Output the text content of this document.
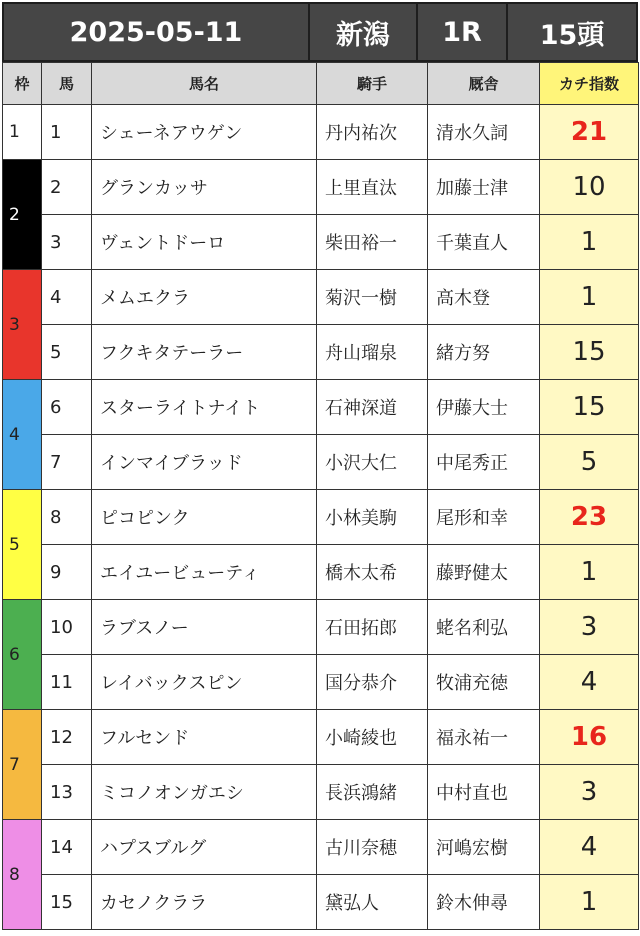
2025-05-11	新潟	1R	15頭
枠	馬	馬名	騎手	厩舎	カチ指数
1	1	シェーネアウゲン	丹内祐次	清水久詞	21
2	2	グランカッサ	上里直汰	加藤士津	10
	3	ヴェントドーロ	柴田裕一	千葉直人	1
3	4	メムエクラ	菊沢一樹	高木登	1
	5	フクキタテーラー	舟山瑠泉	緒方努	15
4	6	スターライトナイト	石神深道	伊藤大士	15
	7	インマイブラッド	小沢大仁	中尾秀正	5
5	8	ピコピンク	小林美駒	尾形和幸	23
	9	エイユービューティ	橋木太希	藤野健太	1
6	10	ラブスノー	石田拓郎	蛯名利弘	3
	11	レイバックスピン	国分恭介	牧浦充徳	4
7	12	フルセンド	小崎綾也	福永祐一	16
	13	ミコノオンガエシ	長浜鴻緒	中村直也	3
8	14	ハプスブルグ	古川奈穂	河嶋宏樹	4
	15	カセノクララ	黛弘人	鈴木伸尋	1
